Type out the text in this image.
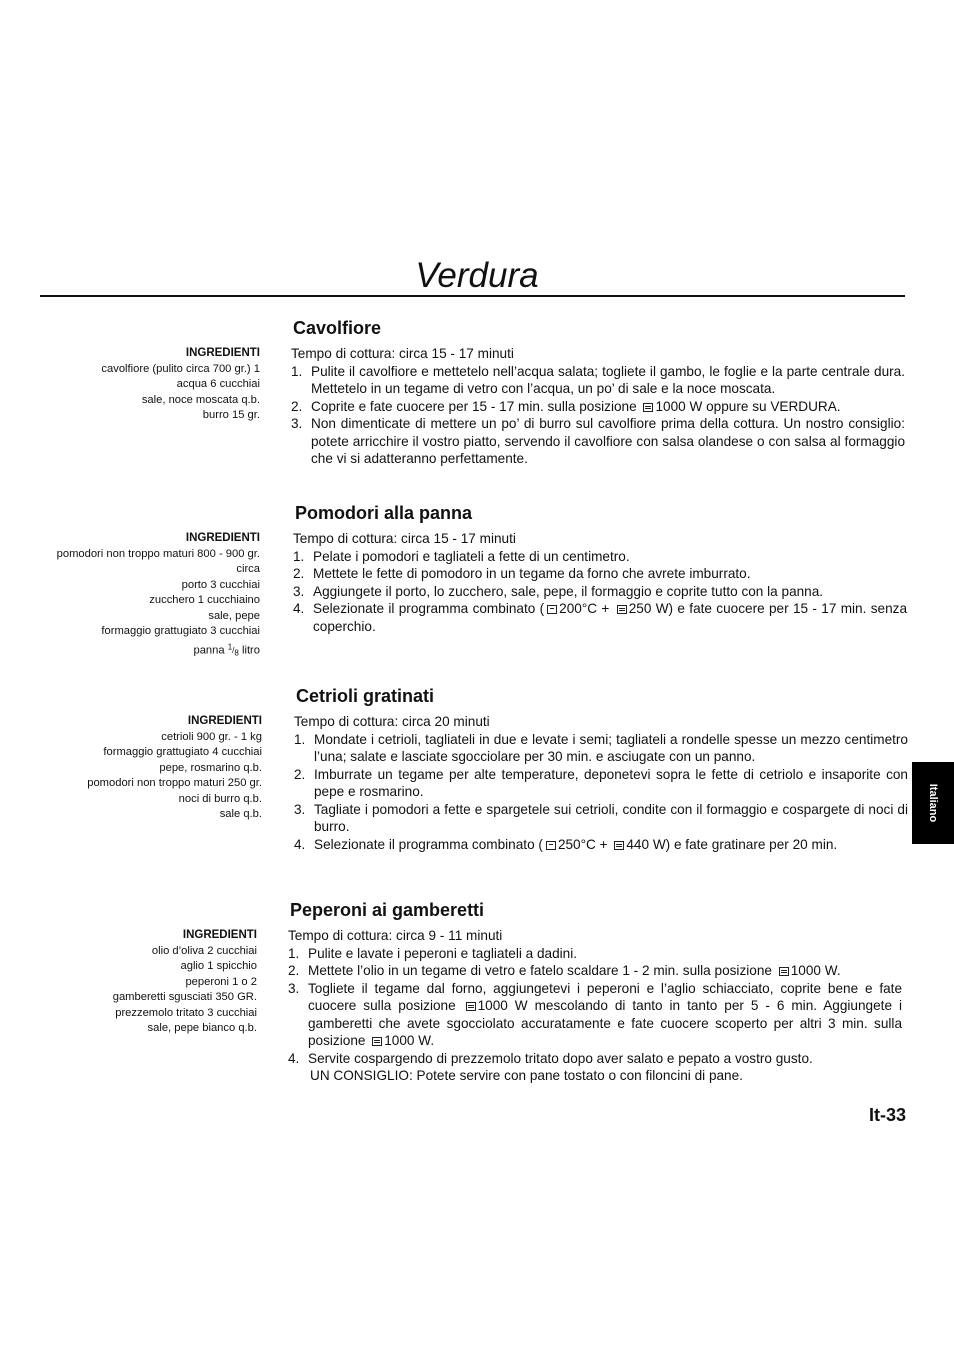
Verdura
Cavolfiore
INGREDIENTI
cavolfiore (pulito circa 700 gr.) 1
acqua 6 cucchiai
sale, noce moscata q.b.
burro 15 gr.
Tempo di cottura: circa 15 - 17 minuti
1. Pulite il cavolfiore e mettetelo nell’acqua salata; togliete il gambo, le foglie e la parte centrale dura. Mettetelo in un tegame di vetro con l’acqua, un po’ di sale e la noce moscata.
2. Coprite e fate cuocere per 15 - 17 min. sulla posizione 1000 W oppure su VERDURA.
3. Non dimenticate di mettere un po’ di burro sul cavolfiore prima della cottura. Un nostro consiglio: potete arricchire il vostro piatto, servendo il cavolfiore con salsa olandese o con salsa al formaggio che vi si adatteranno perfettamente.
Pomodori alla panna
INGREDIENTI
pomodori non troppo maturi 800 - 900 gr.
circa
porto 3 cucchiai
zucchero 1 cucchiaino
sale, pepe
formaggio grattugiato 3 cucchiai
panna $^1/_8$ litro
Tempo di cottura: circa 15 - 17 minuti
1. Pelate i pomodori e tagliateli a fette di un centimetro.
2. Mettete le fette di pomodoro in un tegame da forno che avrete imburrato.
3. Aggiungete il porto, lo zucchero, sale, pepe, il formaggio e coprite tutto con la panna.
4. Selezionate il programma combinato ( 200°C + 250 W) e fate cuocere per 15 - 17 min. senza coperchio.
Cetrioli gratinati
INGREDIENTI
cetrioli 900 gr. - 1 kg
formaggio grattugiato 4 cucchiai
pepe, rosmarino q.b.
pomodori non troppo maturi 250 gr.
noci di burro q.b.
sale q.b.
Tempo di cottura: circa 20 minuti
1. Mondate i cetrioli, tagliateli in due e levate i semi; tagliateli a rondelle spesse un mezzo centimetro l’una; salate e lasciate sgocciolare per 30 min. e asciugate con un panno.
2. Imburrate un tegame per alte temperature, deponetevi sopra le fette di cetriolo e insaporite con pepe e rosmarino.
3. Tagliate i pomodori a fette e spargetele sui cetrioli, condite con il formaggio e cospargete di noci di burro.
4. Selezionate il programma combinato ( 250°C + 440 W) e fate gratinare per 20 min.
Peperoni ai gamberetti
INGREDIENTI
olio d’oliva 2 cucchiai
aglio 1 spicchio
peperoni 1 o 2
gamberetti sgusciati 350 GR.
prezzemolo tritato 3 cucchiai
sale, pepe bianco q.b.
Tempo di cottura: circa 9 - 11 minuti
1. Pulite e lavate i peperoni e tagliateli a dadini.
2. Mettete l’olio in un tegame di vetro e fatelo scaldare 1 - 2 min. sulla posizione 1000 W.
3. Togliete il tegame dal forno, aggiungetevi i peperoni e l’aglio schiacciato, coprite bene e fate cuocere sulla posizione 1000 W mescolando di tanto in tanto per 5 - 6 min. Aggiungete i gamberetti che avete sgocciolato accuratamente e fate cuocere scoperto per altri 3 min. sulla posizione 1000 W.
4. Servite cospargendo di prezzemolo tritato dopo aver salato e pepato a vostro gusto.
UN CONSIGLIO: Potete servire con pane tostato o con filoncini di pane.
Italiano
It-33
